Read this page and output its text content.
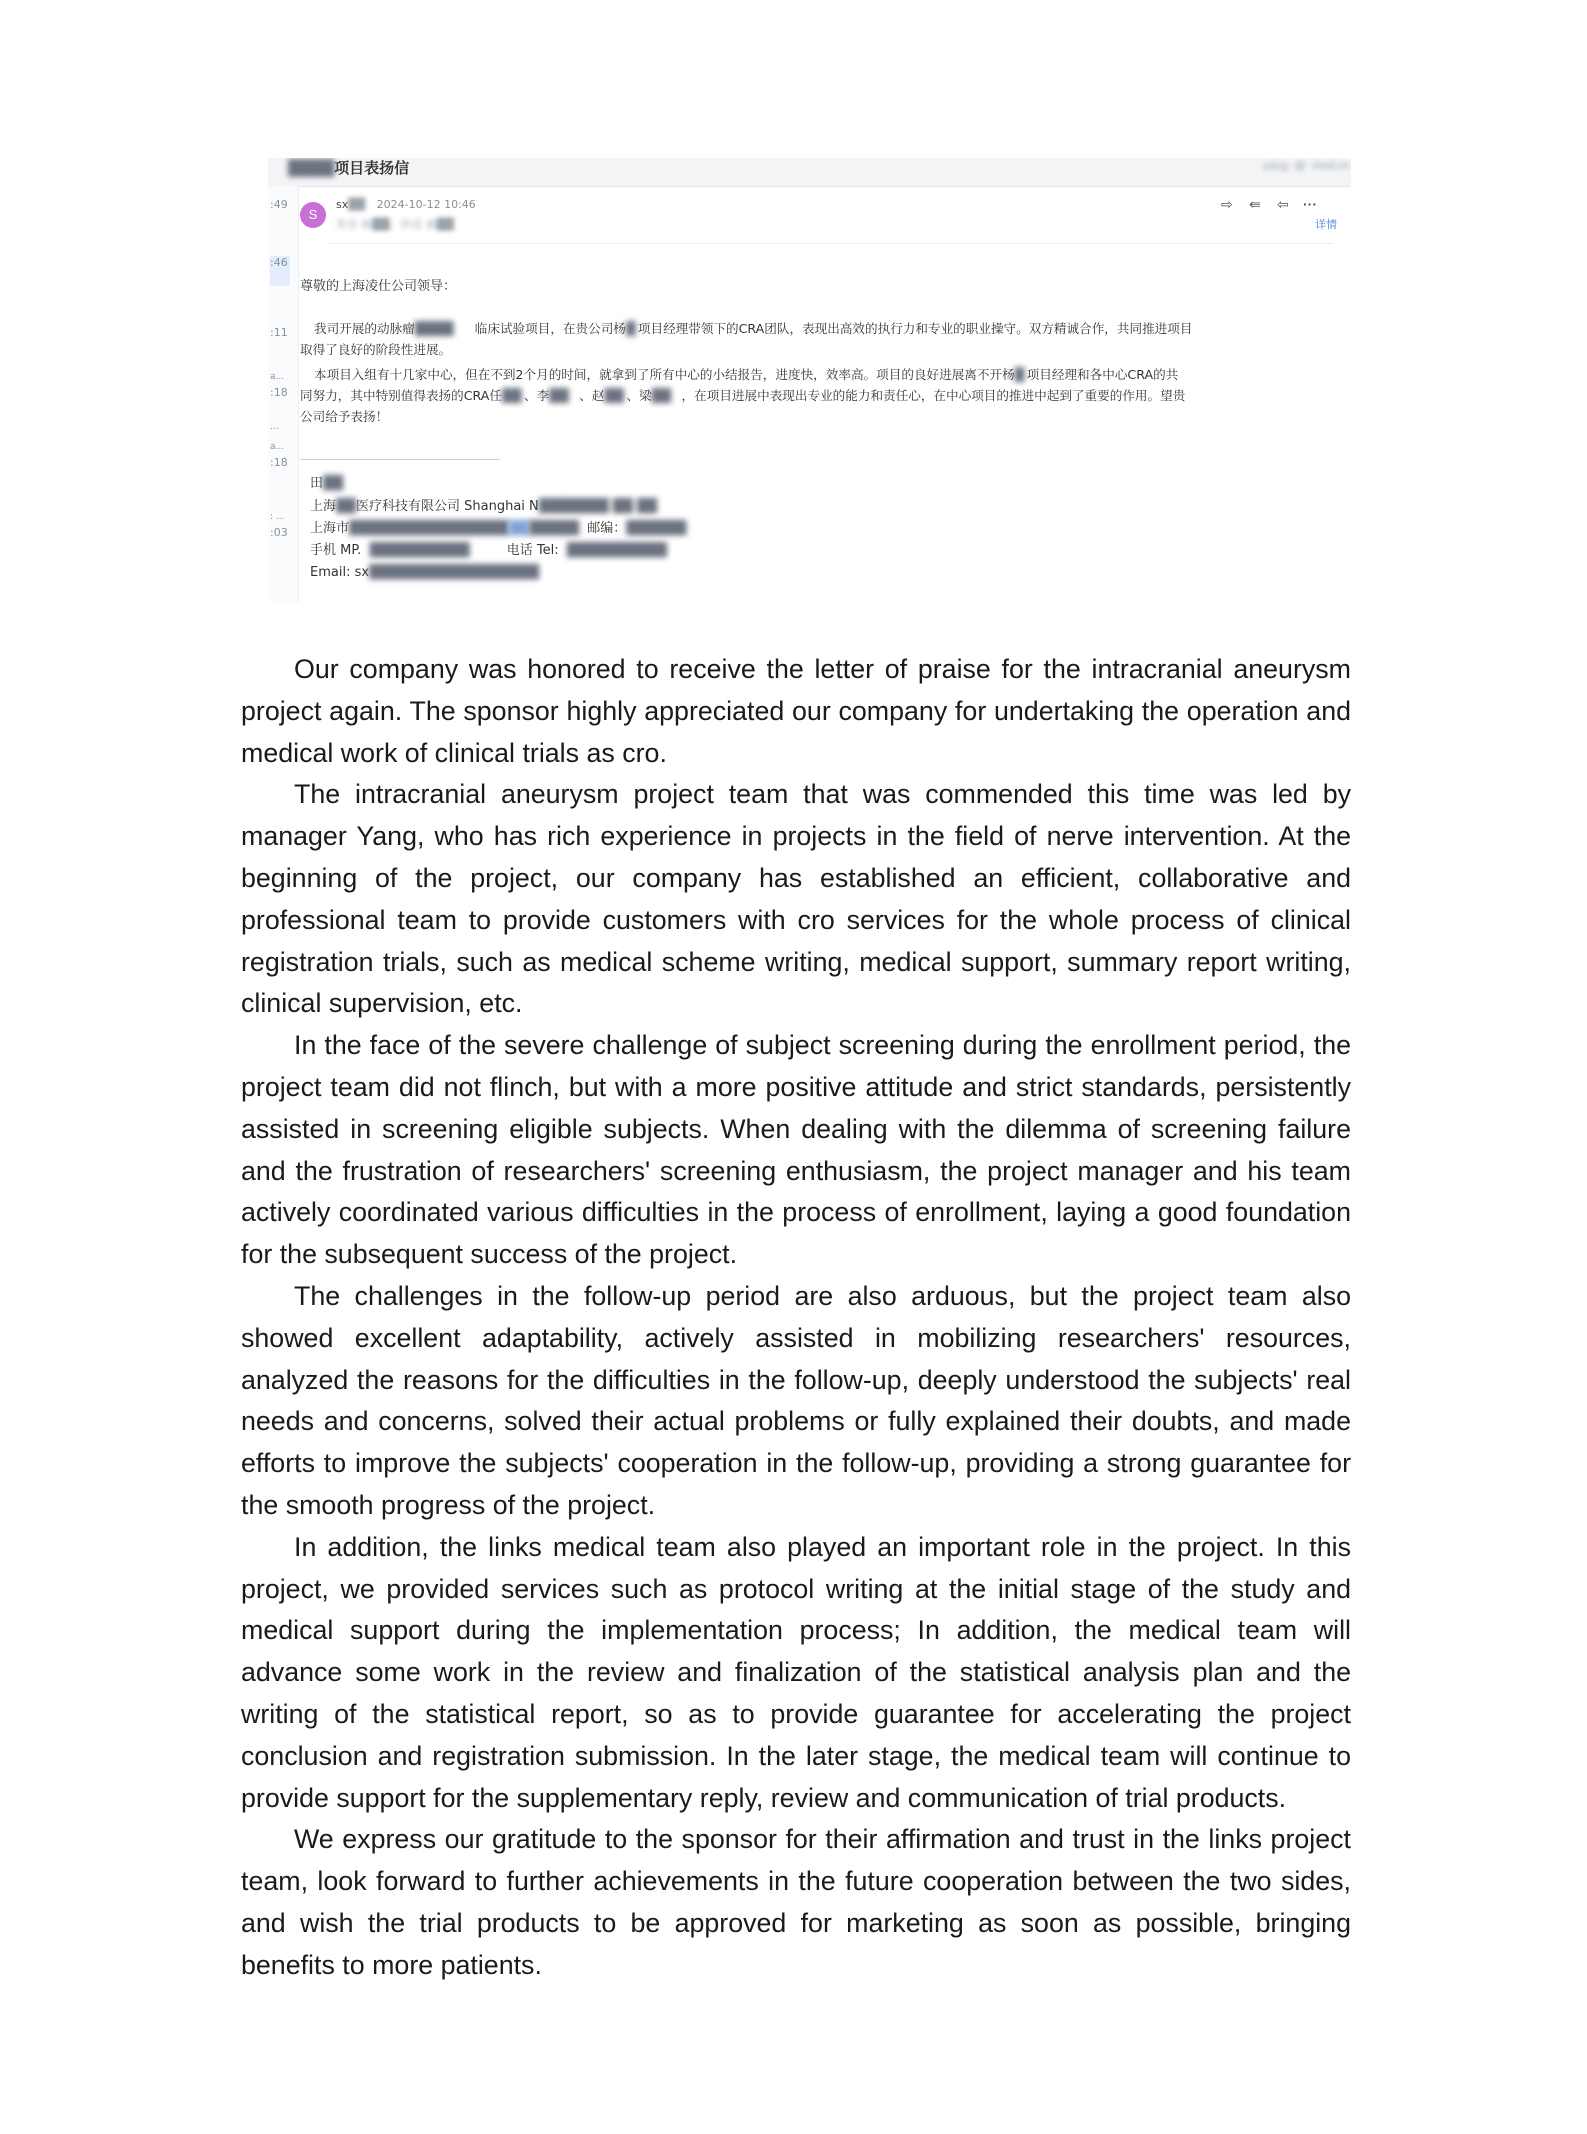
████项目表扬信	yang··@··med.cn
:49
...
:46
:11
:18
a...
a...
:18
: ...
:03
S
sx██ 2024-10-12 10:46
发至 杨██；抄送 郝██
⇨ ⇚ ⇦ ···
详情
尊敬的上海凌仕公司领导：
我司开展的动脉瘤████ 临床试验项目，在贵公司杨█ 项目经理带领下的CRA团队，表现出高效的执行力和专业的职业操守。双方精诚合作，共同推进项目
取得了良好的阶段性进展。
本项目入组有十几家中心，但在不到2个月的时间，就拿到了所有中心的小结报告，进度快，效率高。项目的良好进展离不开杨█ 项目经理和各中心CRA的共
同努力，其中特别值得表扬的CRA任██ 、李██ 、赵██ 、梁██ ，在项目进展中表现出专业的能力和责任心，在中心项目的推进中起到了重要的作用。望贵
公司给予表扬！
田██
上海██医疗科技有限公司 Shanghai N███████ ██ ██
上海市███████████████████████ 邮编：██████
手机 MP. ██████████	电话 Tel: ██████████
Email: sx█████████████████

Our company was honored to receive the letter of praise for the intracranial aneurysm project again. The sponsor highly appreciated our company for undertaking the operation and medical work of clinical trials as cro.

The intracranial aneurysm project team that was commended this time was led by manager Yang, who has rich experience in projects in the field of nerve intervention. At the beginning of the project, our company has established an efficient, collaborative and professional team to provide customers with cro services for the whole process of clinical registration trials, such as medical scheme writing, medical support, summary report writing, clinical supervision, etc.

In the face of the severe challenge of subject screening during the enrollment period, the project team did not flinch, but with a more positive attitude and strict standards, persistently assisted in screening eligible subjects. When dealing with the dilemma of screening failure and the frustration of researchers' screening enthusiasm, the project manager and his team actively coordinated various difficulties in the process of enrollment, laying a good foundation for the subsequent success of the project.

The challenges in the follow-up period are also arduous, but the project team also showed excellent adaptability, actively assisted in mobilizing researchers' resources, analyzed the reasons for the difficulties in the follow-up, deeply understood the subjects' real needs and concerns, solved their actual problems or fully explained their doubts, and made efforts to improve the subjects' cooperation in the follow-up, providing a strong guarantee for the smooth progress of the project.

In addition, the links medical team also played an important role in the project. In this project, we provided services such as protocol writing at the initial stage of the study and medical support during the implementation process; In addition, the medical team will advance some work in the review and finalization of the statistical analysis plan and the writing of the statistical report, so as to provide guarantee for accelerating the project conclusion and registration submission. In the later stage, the medical team will continue to provide support for the supplementary reply, review and communication of trial products.

We express our gratitude to the sponsor for their affirmation and trust in the links project team, look forward to further achievements in the future cooperation between the two sides, and wish the trial products to be approved for marketing as soon as possible, bringing benefits to more patients.
